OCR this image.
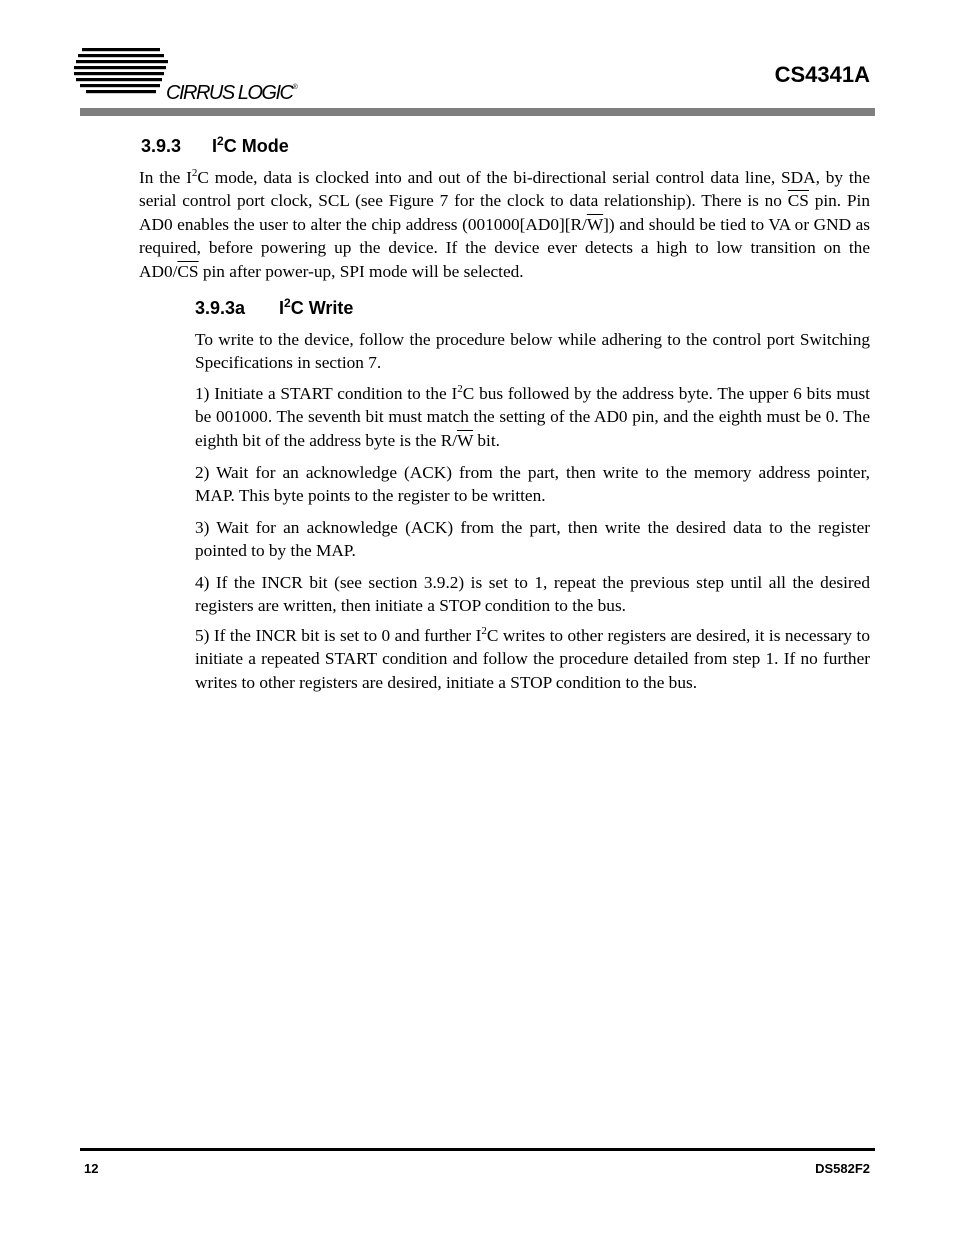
CIRRUS LOGIC®
CS4341A
3.9.3 $I^2C$ Mode

In the $I^2C$ mode, data is clocked into and out of the bi-directional serial control data line, SDA, by the serial control port clock, SCL (see Figure 7 for the clock to data relationship). There is no $\overline{CS}$ pin. Pin AD0 enables the user to alter the chip address $(001000[AD0][R/\overline{W}])$ and should be tied to VA or GND as required, before powering up the device. If the device ever detects a high to low transition on the $AD0/\overline{CS}$ pin after power-up, SPI mode will be selected.

3.9.3a $I^2C$ Write

To write to the device, follow the procedure below while adhering to the control port Switching Specifications in section 7.

1) Initiate a START condition to the $I^2C$ bus followed by the address byte. The upper 6 bits must be 001000. The seventh bit must match the setting of the AD0 pin, and the eighth must be 0. The eighth bit of the address byte is the $R/\overline{W}$ bit.

2) Wait for an acknowledge (ACK) from the part, then write to the memory address pointer, MAP. This byte points to the register to be written.

3) Wait for an acknowledge (ACK) from the part, then write the desired data to the register pointed to by the MAP.

4) If the INCR bit (see section 3.9.2) is set to 1, repeat the previous step until all the desired registers are written, then initiate a STOP condition to the bus.

5) If the INCR bit is set to 0 and further $I^2C$ writes to other registers are desired, it is necessary to initiate a repeated START condition and follow the procedure detailed from step 1. If no further writes to other registers are desired, initiate a STOP condition to the bus.

12	DS582F2
